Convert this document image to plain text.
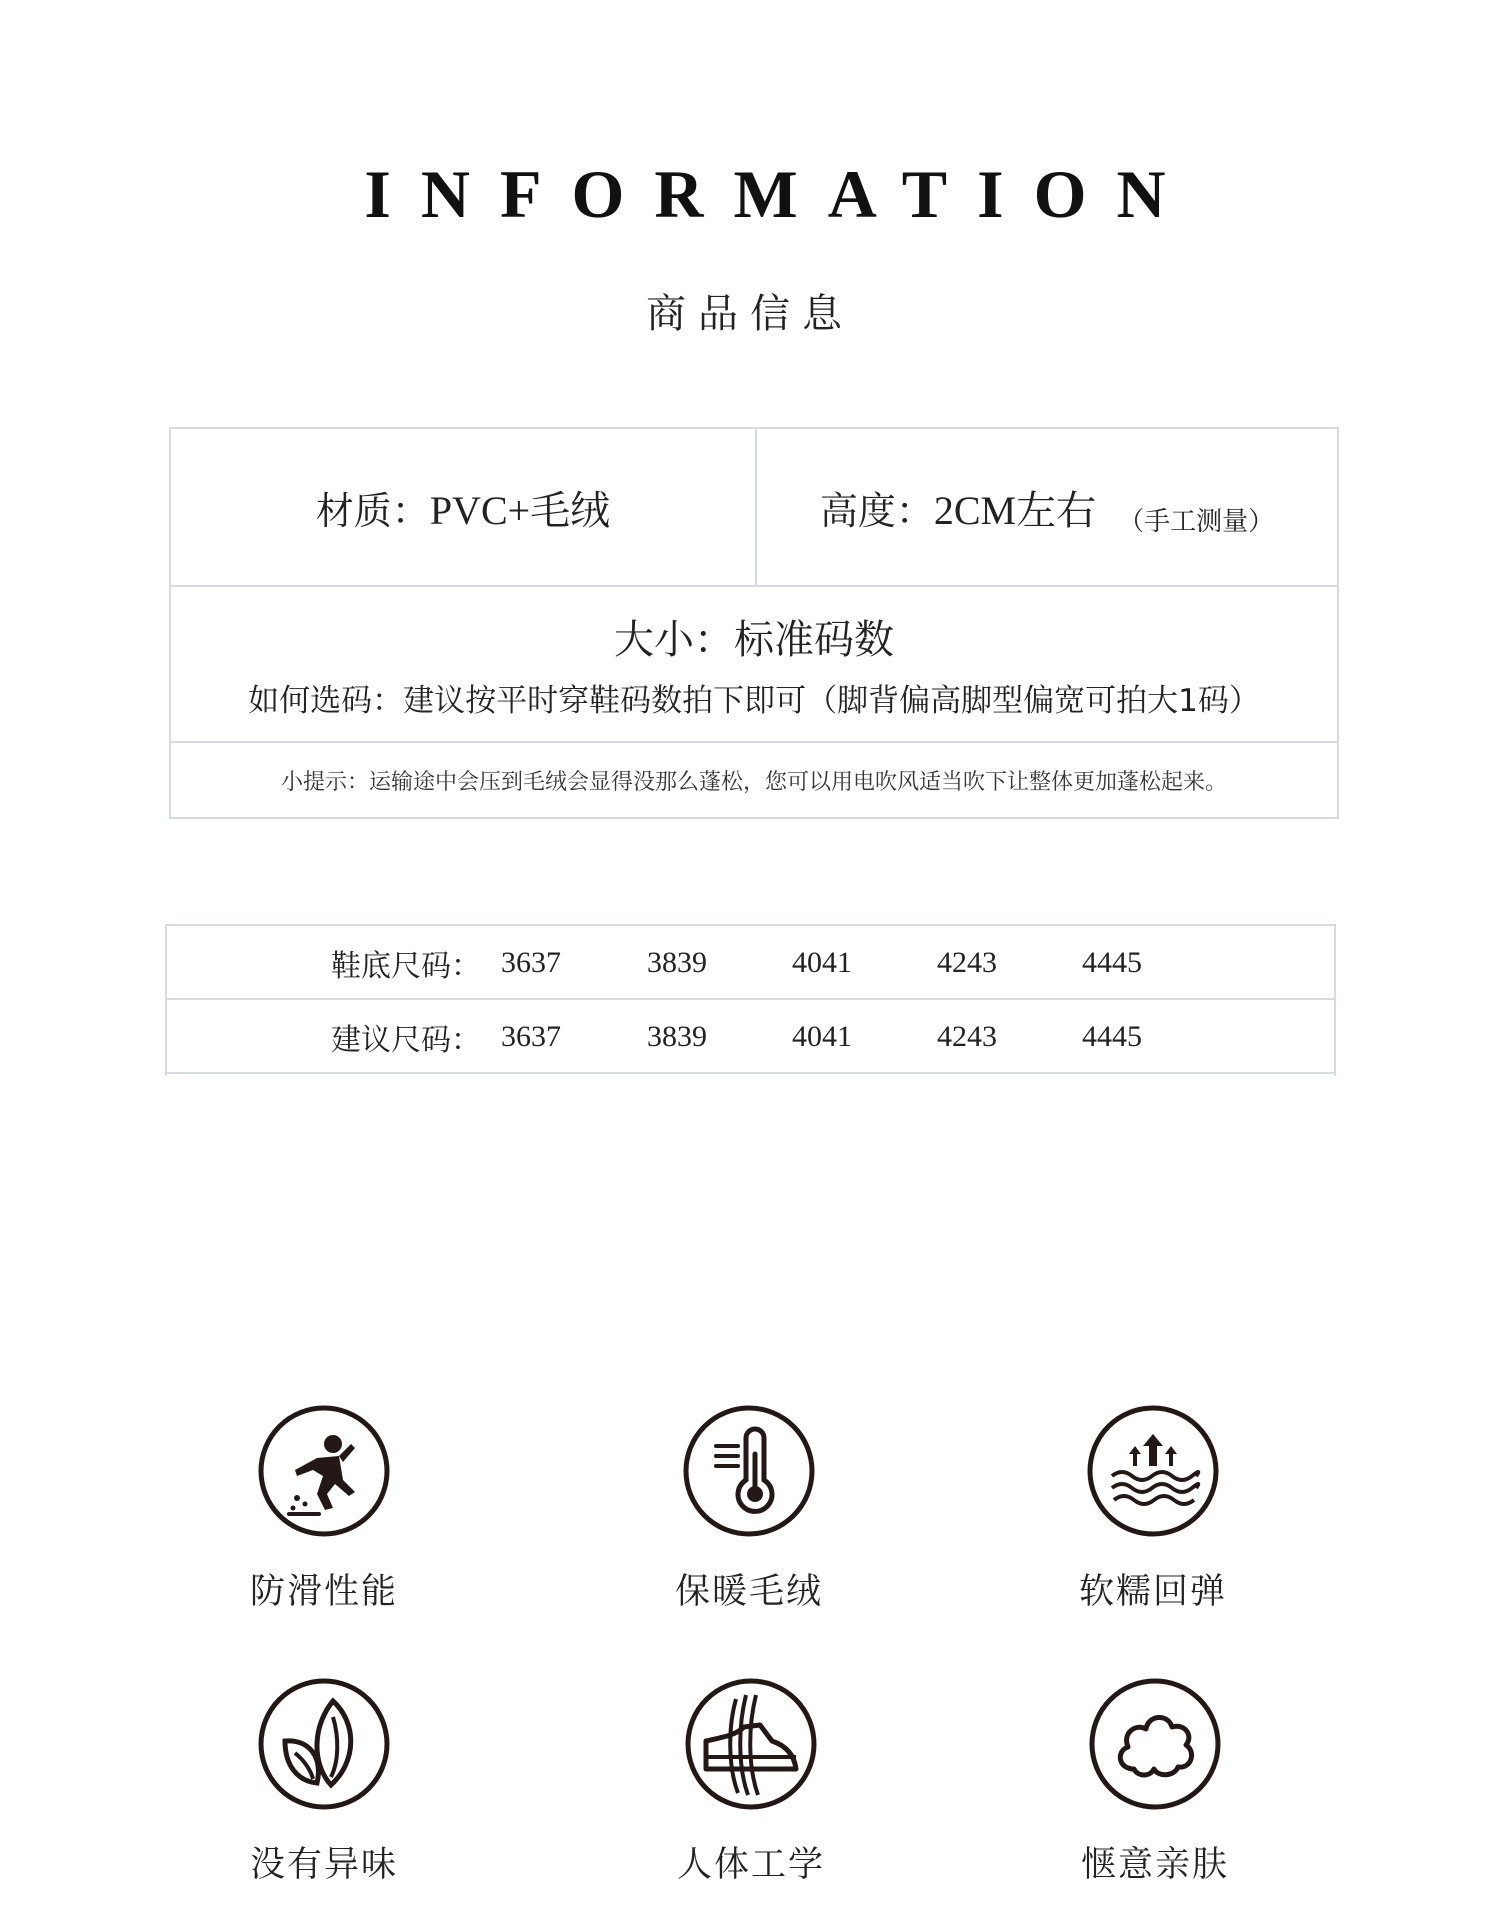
INFORMATION
商品信息
材质：PVC+毛绒	高度：2CM左右 （手工测量）
大小：标准码数
如何选码：建议按平时穿鞋码数拍下即可（脚背偏高脚型偏宽可拍大1码）
小提示：运输途中会压到毛绒会显得没那么蓬松，您可以用电吹风适当吹下让整体更加蓬松起来。
鞋底尺码： 3637	3839	4041	4243	4445
建议尺码： 3637	3839	4041	4243	4445
防滑性能	保暖毛绒	软糯回弹
没有异味	人体工学	惬意亲肤
